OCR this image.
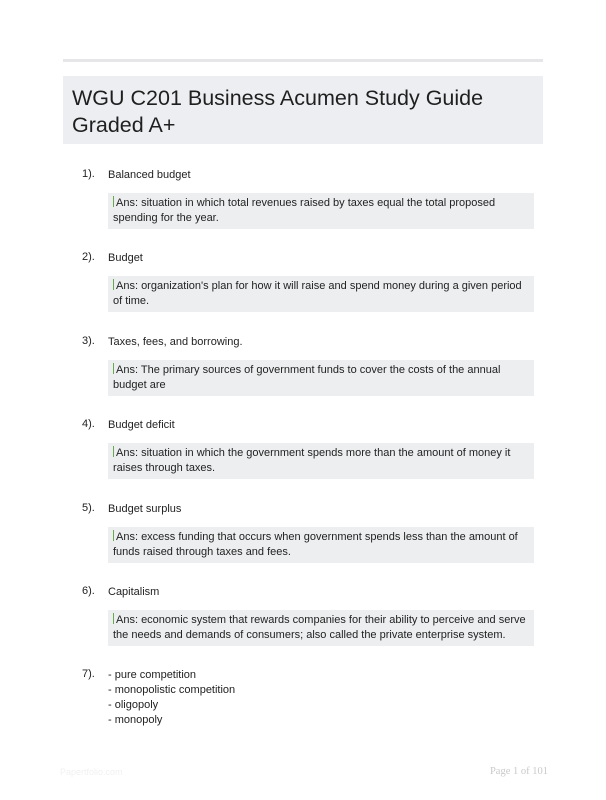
WGU C201 Business Acumen Study Guide Graded A+
1). Balanced budget
Ans: situation in which total revenues raised by taxes equal the total proposed spending for the year.
2). Budget
Ans: organization's plan for how it will raise and spend money during a given period of time.
3). Taxes, fees, and borrowing.
Ans: The primary sources of government funds to cover the costs of the annual budget are
4). Budget deficit
Ans: situation in which the government spends more than the amount of money it raises through taxes.
5). Budget surplus
Ans: excess funding that occurs when government spends less than the amount of funds raised through taxes and fees.
6). Capitalism
Ans: economic system that rewards companies for their ability to perceive and serve the needs and demands of consumers; also called the private enterprise system.
7). - pure competition
- monopolistic competition
- oligopoly
- monopoly
Papertfolio.com	Page 1 of 101
